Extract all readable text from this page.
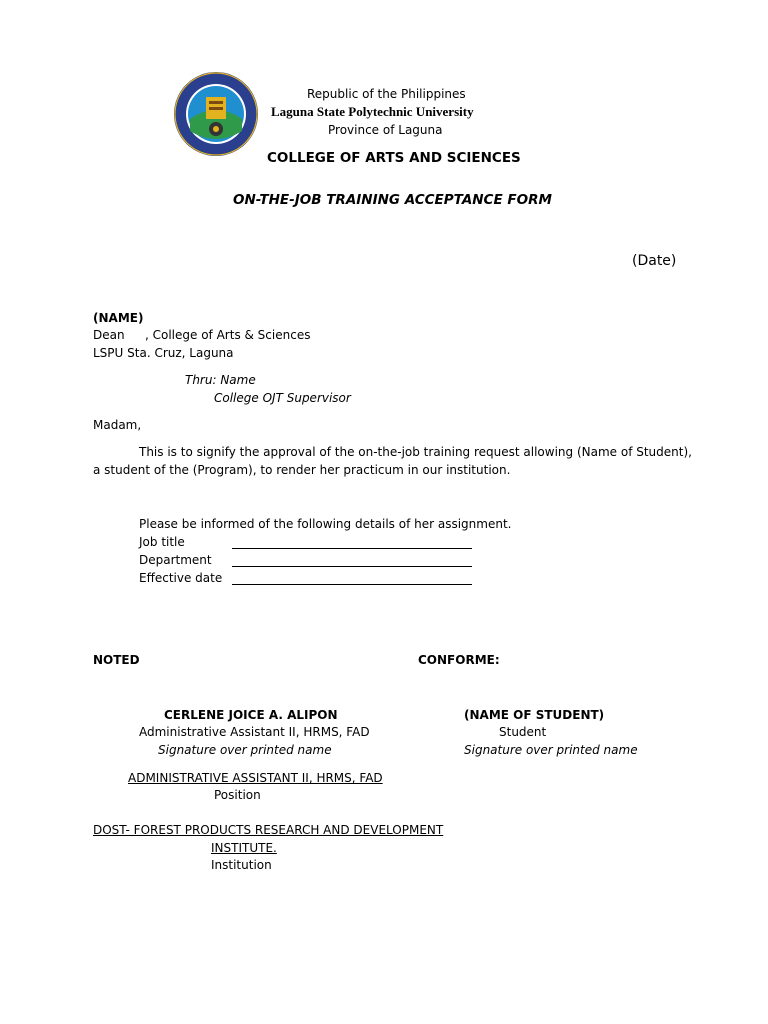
Republic of the Philippines
Laguna State Polytechnic University
Province of Laguna
COLLEGE OF ARTS AND SCIENCES
ON-THE-JOB TRAINING ACCEPTANCE FORM
(Date)
(NAME)
Dean , College of Arts & Sciences
LSPU Sta. Cruz, Laguna
Thru: Name
College OJT Supervisor
Madam,
This is to signify the approval of the on-the-job training request allowing (Name of Student),
a student of the (Program), to render her practicum in our institution.
Please be informed of the following details of her assignment.
Job title
Department
Effective date
NOTED	CONFORME:
CERLENE JOICE A. ALIPON
Administrative Assistant II, HRMS, FAD
Signature over printed name
ADMINISTRATIVE ASSISTANT II, HRMS, FAD
Position
DOST- FOREST PRODUCTS RESEARCH AND DEVELOPMENT
INSTITUTE.
Institution
(NAME OF STUDENT)
Student
Signature over printed name
